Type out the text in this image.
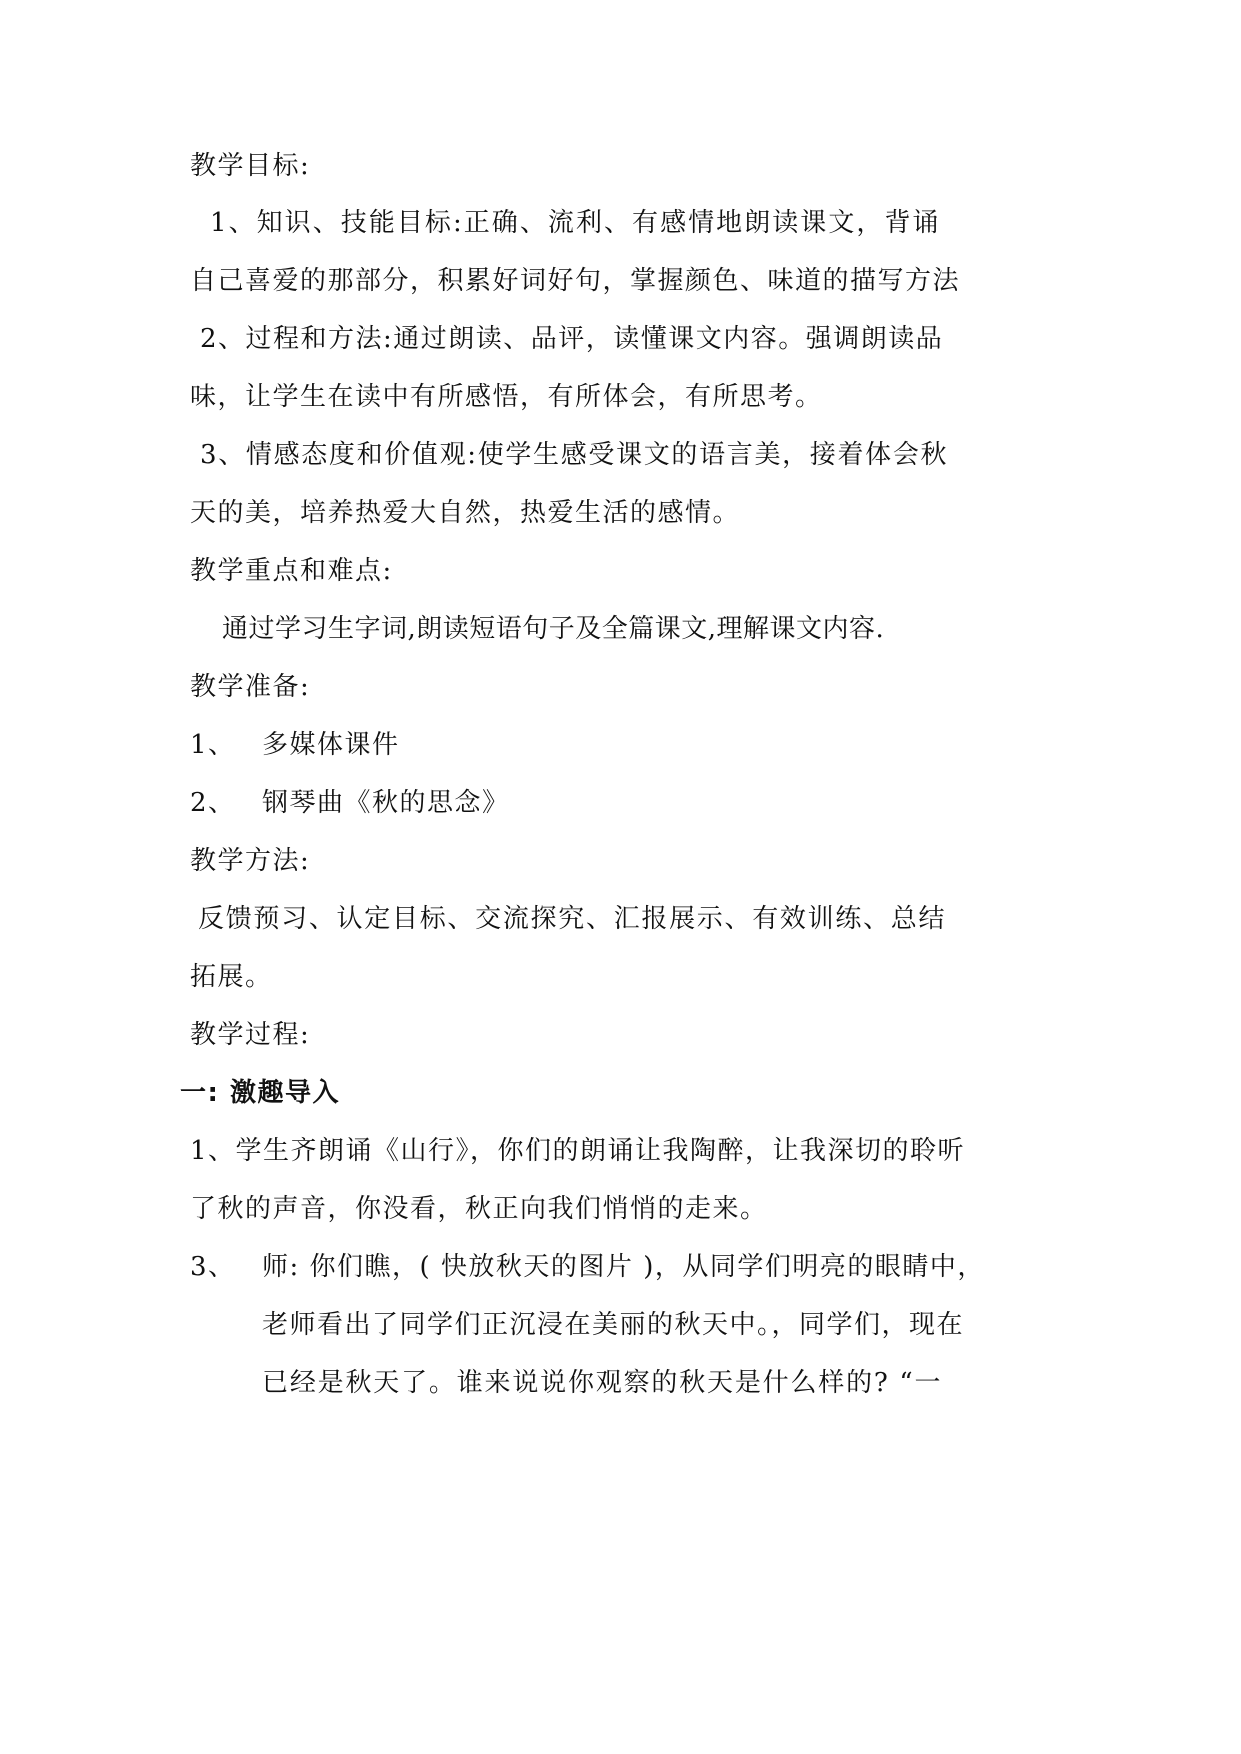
教学目标:
1、知识、技能目标:正确、流利、有感情地朗读课文，背诵
自己喜爱的那部分，积累好词好句，掌握颜色、味道的描写方法
2、过程和方法:通过朗读、品评，读懂课文内容。强调朗读品
味，让学生在读中有所感悟，有所体会，有所思考。
3、情感态度和价值观:使学生感受课文的语言美，接着体会秋
天的美，培养热爱大自然，热爱生活的感情。
教学重点和难点:
通过学习生字词,朗读短语句子及全篇课文,理解课文内容.
教学准备:
1、 多媒体课件
2、 钢琴曲《秋的思念》
教学方法:
反馈预习、认定目标、交流探究、汇报展示、有效训练、总结
拓展。
教学过程:
一: 激趣导入
1、学生齐朗诵《山行》，你们的朗诵让我陶醉，让我深切的聆听
了秋的声音，你没看，秋正向我们悄悄的走来。
3、 师: 你们瞧，( 快放秋天的图片 )，从同学们明亮的眼睛中，
老师看出了同学们正沉浸在美丽的秋天中。，同学们，现在
已经是秋天了。谁来说说你观察的秋天是什么样的? “一
